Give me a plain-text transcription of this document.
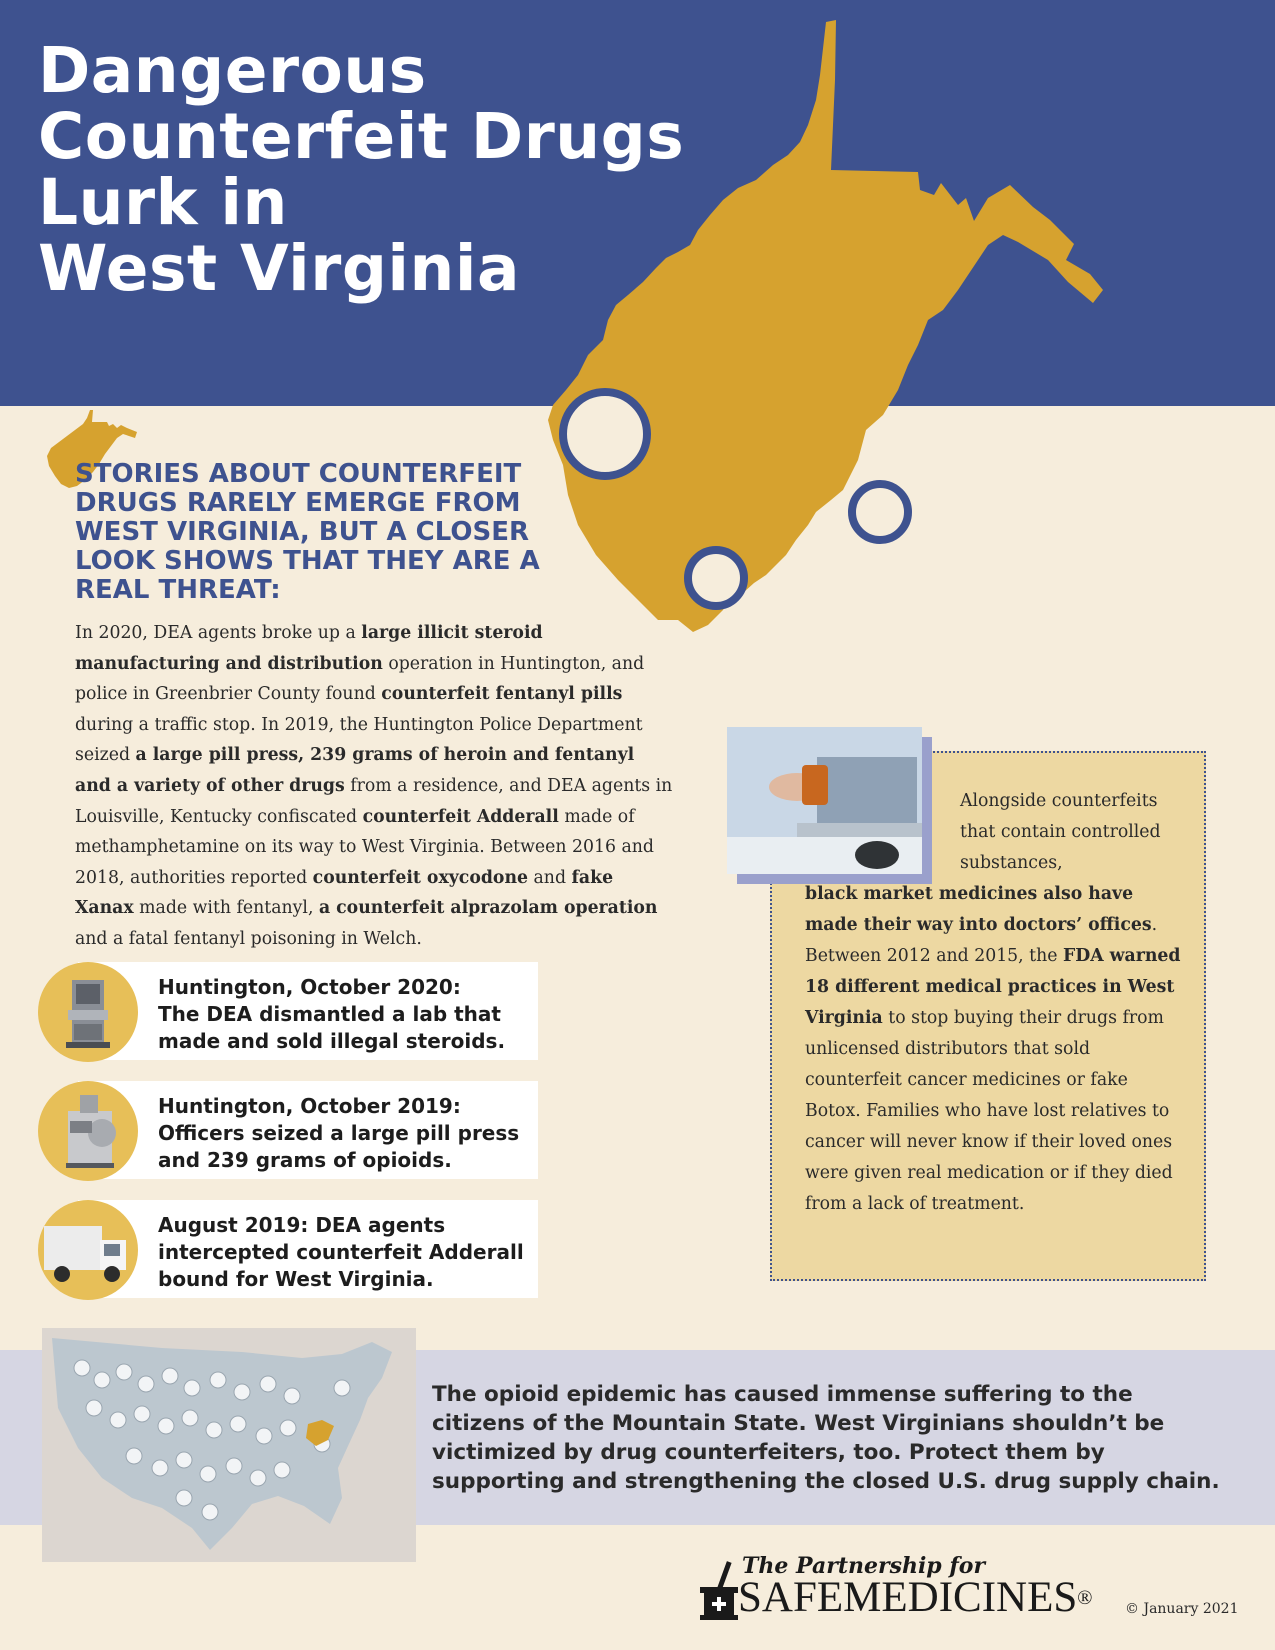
Dangerous
Counterfeit Drugs
Lurk in
West Virginia
STORIES ABOUT COUNTERFEIT DRUGS RARELY EMERGE FROM WEST VIRGINIA, BUT A CLOSER LOOK SHOWS THAT THEY ARE A REAL THREAT:

In 2020, DEA agents broke up a large illicit steroid manufacturing and distribution operation in Huntington, and police in Greenbrier County found counterfeit fentanyl pills during a traffic stop. In 2019, the Huntington Police Department seized a large pill press, 239 grams of heroin and fentanyl and a variety of other drugs from a residence, and DEA agents in Louisville, Kentucky confiscated counterfeit Adderall made of methamphetamine on its way to West Virginia. Between 2016 and 2018, authorities reported counterfeit oxycodone and fake Xanax made with fentanyl, a counterfeit alprazolam operation and a fatal fentanyl poisoning in Welch.

Huntington, October 2020:
The DEA dismantled a lab that
made and sold illegal steroids.
Huntington, October 2019:
Officers seized a large pill press
and 239 grams of opioids.
August 2019: DEA agents
intercepted counterfeit Adderall
bound for West Virginia.
Alongside counterfeits that contain controlled substances,
black market medicines also have made their way into doctors’ offices. Between 2012 and 2015, the FDA warned 18 different medical practices in West Virginia to stop buying their drugs from unlicensed distributors that sold counterfeit cancer medicines or fake Botox. Families who have lost relatives to cancer will never know if their loved ones were given real medication or if they died from a lack of treatment.

The opioid epidemic has caused immense suffering to the citizens of the Mountain State. West Virginians shouldn’t be victimized by drug counterfeiters, too. Protect them by supporting and strengthening the closed U.S. drug supply chain.

The Partnership for
SAFEMEDICINES® © January 2021
